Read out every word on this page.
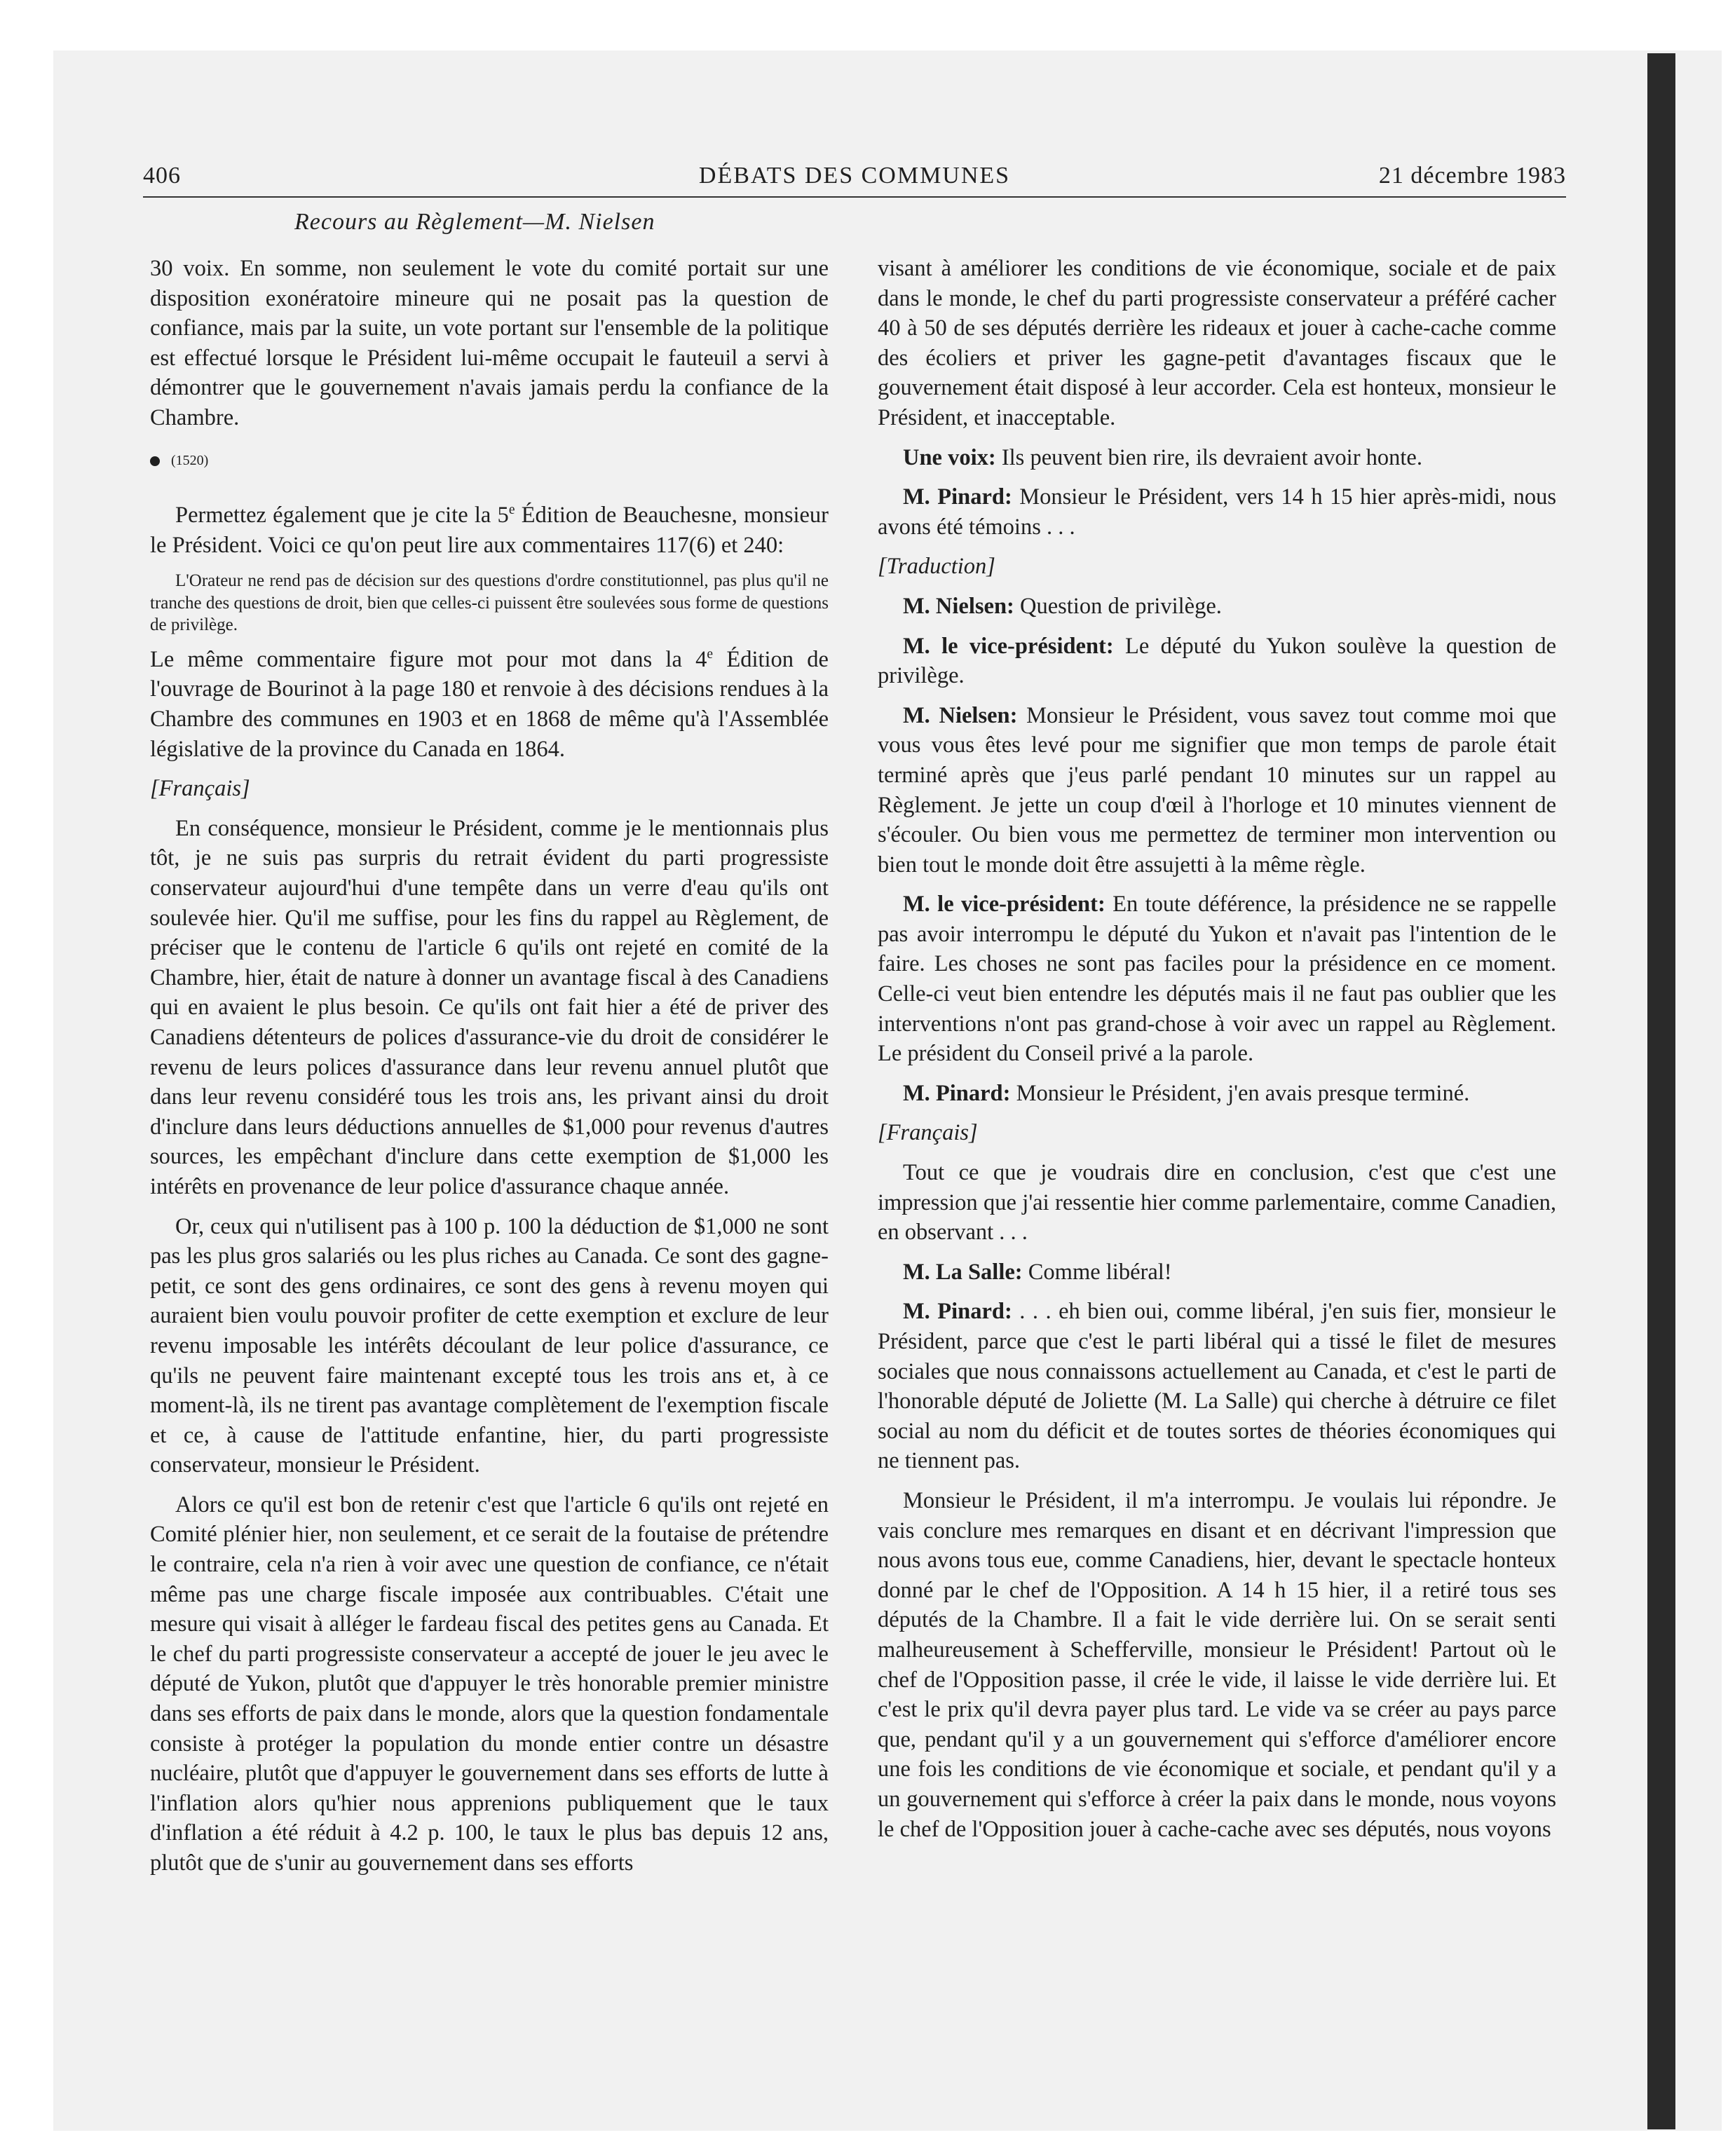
406	DÉBATS DES COMMUNES	21 décembre 1983
Recours au Règlement—M. Nielsen

30 voix. En somme, non seulement le vote du comité portait sur une disposition exonératoire mineure qui ne posait pas la question de confiance, mais par la suite, un vote portant sur l'ensemble de la politique est effectué lorsque le Président lui-même occupait le fauteuil a servi à démontrer que le gouvernement n'avais jamais perdu la confiance de la Chambre.

(1520)

Permettez également que je cite la 5e Édition de Beauchesne, monsieur le Président. Voici ce qu'on peut lire aux commentaires 117(6) et 240:

L'Orateur ne rend pas de décision sur des questions d'ordre constitutionnel, pas plus qu'il ne tranche des questions de droit, bien que celles-ci puissent être soulevées sous forme de questions de privilège.

Le même commentaire figure mot pour mot dans la 4e Édition de l'ouvrage de Bourinot à la page 180 et renvoie à des décisions rendues à la Chambre des communes en 1903 et en 1868 de même qu'à l'Assemblée législative de la province du Canada en 1864.

[Français]

En conséquence, monsieur le Président, comme je le mentionnais plus tôt, je ne suis pas surpris du retrait évident du parti progressiste conservateur aujourd'hui d'une tempête dans un verre d'eau qu'ils ont soulevée hier. Qu'il me suffise, pour les fins du rappel au Règlement, de préciser que le contenu de l'article 6 qu'ils ont rejeté en comité de la Chambre, hier, était de nature à donner un avantage fiscal à des Canadiens qui en avaient le plus besoin. Ce qu'ils ont fait hier a été de priver des Canadiens détenteurs de polices d'assurance-vie du droit de considérer le revenu de leurs polices d'assurance dans leur revenu annuel plutôt que dans leur revenu considéré tous les trois ans, les privant ainsi du droit d'inclure dans leurs déductions annuelles de $1,000 pour revenus d'autres sources, les empêchant d'inclure dans cette exemption de $1,000 les intérêts en provenance de leur police d'assurance chaque année.

Or, ceux qui n'utilisent pas à 100 p. 100 la déduction de $1,000 ne sont pas les plus gros salariés ou les plus riches au Canada. Ce sont des gagne-petit, ce sont des gens ordinaires, ce sont des gens à revenu moyen qui auraient bien voulu pouvoir profiter de cette exemption et exclure de leur revenu imposable les intérêts découlant de leur police d'assurance, ce qu'ils ne peuvent faire maintenant excepté tous les trois ans et, à ce moment-là, ils ne tirent pas avantage complètement de l'exemption fiscale et ce, à cause de l'attitude enfantine, hier, du parti progressiste conservateur, monsieur le Président.

Alors ce qu'il est bon de retenir c'est que l'article 6 qu'ils ont rejeté en Comité plénier hier, non seulement, et ce serait de la foutaise de prétendre le contraire, cela n'a rien à voir avec une question de confiance, ce n'était même pas une charge fiscale imposée aux contribuables. C'était une mesure qui visait à alléger le fardeau fiscal des petites gens au Canada. Et le chef du parti progressiste conservateur a accepté de jouer le jeu avec le député de Yukon, plutôt que d'appuyer le très honorable premier ministre dans ses efforts de paix dans le monde, alors que la question fondamentale consiste à protéger la population du monde entier contre un désastre nucléaire, plutôt que d'appuyer le gouvernement dans ses efforts de lutte à l'inflation alors qu'hier nous apprenions publiquement que le taux d'inflation a été réduit à 4.2 p. 100, le taux le plus bas depuis 12 ans, plutôt que de s'unir au gouvernement dans ses efforts

visant à améliorer les conditions de vie économique, sociale et de paix dans le monde, le chef du parti progressiste conservateur a préféré cacher 40 à 50 de ses députés derrière les rideaux et jouer à cache-cache comme des écoliers et priver les gagne-petit d'avantages fiscaux que le gouvernement était disposé à leur accorder. Cela est honteux, monsieur le Président, et inacceptable.

Une voix: Ils peuvent bien rire, ils devraient avoir honte.

M. Pinard: Monsieur le Président, vers 14 h 15 hier après-midi, nous avons été témoins . . .

[Traduction]

M. Nielsen: Question de privilège.

M. le vice-président: Le député du Yukon soulève la question de privilège.

M. Nielsen: Monsieur le Président, vous savez tout comme moi que vous vous êtes levé pour me signifier que mon temps de parole était terminé après que j'eus parlé pendant 10 minutes sur un rappel au Règlement. Je jette un coup d'œil à l'horloge et 10 minutes viennent de s'écouler. Ou bien vous me permettez de terminer mon intervention ou bien tout le monde doit être assujetti à la même règle.

M. le vice-président: En toute déférence, la présidence ne se rappelle pas avoir interrompu le député du Yukon et n'avait pas l'intention de le faire. Les choses ne sont pas faciles pour la présidence en ce moment. Celle-ci veut bien entendre les députés mais il ne faut pas oublier que les interventions n'ont pas grand-chose à voir avec un rappel au Règlement. Le président du Conseil privé a la parole.

M. Pinard: Monsieur le Président, j'en avais presque terminé.

[Français]

Tout ce que je voudrais dire en conclusion, c'est que c'est une impression que j'ai ressentie hier comme parlementaire, comme Canadien, en observant . . .

M. La Salle: Comme libéral!

M. Pinard: . . . eh bien oui, comme libéral, j'en suis fier, monsieur le Président, parce que c'est le parti libéral qui a tissé le filet de mesures sociales que nous connaissons actuellement au Canada, et c'est le parti de l'honorable député de Joliette (M. La Salle) qui cherche à détruire ce filet social au nom du déficit et de toutes sortes de théories économiques qui ne tiennent pas.

Monsieur le Président, il m'a interrompu. Je voulais lui répondre. Je vais conclure mes remarques en disant et en décrivant l'impression que nous avons tous eue, comme Canadiens, hier, devant le spectacle honteux donné par le chef de l'Opposition. A 14 h 15 hier, il a retiré tous ses députés de la Chambre. Il a fait le vide derrière lui. On se serait senti malheureusement à Schefferville, monsieur le Président! Partout où le chef de l'Opposition passe, il crée le vide, il laisse le vide derrière lui. Et c'est le prix qu'il devra payer plus tard. Le vide va se créer au pays parce que, pendant qu'il y a un gouvernement qui s'efforce d'améliorer encore une fois les conditions de vie économique et sociale, et pendant qu'il y a un gouvernement qui s'efforce à créer la paix dans le monde, nous voyons le chef de l'Opposition jouer à cache-cache avec ses députés, nous voyons
